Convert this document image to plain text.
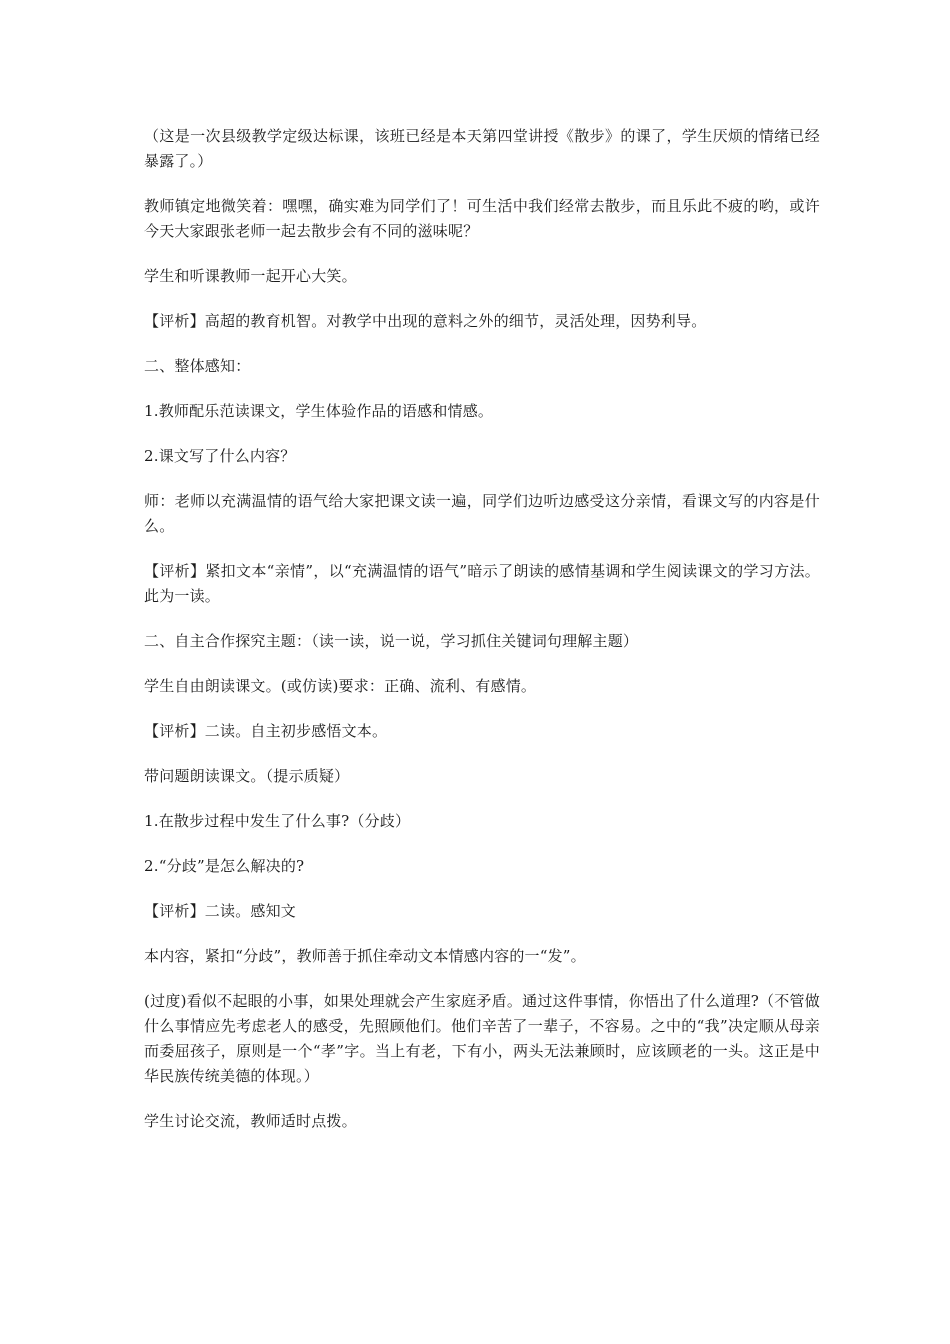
（这是一次县级教学定级达标课，该班已经是本天第四堂讲授《散步》的课了，学生厌烦的情绪已经暴露了。）

教师镇定地微笑着：嘿嘿，确实难为同学们了！可生活中我们经常去散步，而且乐此不疲的哟，或许今天大家跟张老师一起去散步会有不同的滋味呢？

学生和听课教师一起开心大笑。

【评析】高超的教育机智。对教学中出现的意料之外的细节，灵活处理，因势利导。

二、整体感知：

1.教师配乐范读课文，学生体验作品的语感和情感。

2.课文写了什么内容？

师：老师以充满温情的语气给大家把课文读一遍，同学们边听边感受这分亲情，看课文写的内容是什么。

【评析】紧扣文本“亲情”，以“充满温情的语气”暗示了朗读的感情基调和学生阅读课文的学习方法。此为一读。

二、自主合作探究主题：（读一读，说一说，学习抓住关键词句理解主题）

学生自由朗读课文。(或仿读)要求：正确、流利、有感情。

【评析】二读。自主初步感悟文本。

带问题朗读课文。（提示质疑）

1.在散步过程中发生了什么事?（分歧）

2.“分歧”是怎么解决的?

【评析】二读。感知文

本内容，紧扣“分歧”，教师善于抓住牵动文本情感内容的一“发”。

(过度)看似不起眼的小事，如果处理就会产生家庭矛盾。通过这件事情，你悟出了什么道理?（不管做什么事情应先考虑老人的感受，先照顾他们。他们辛苦了一辈子，不容易。之中的“我”决定顺从母亲而委屈孩子，原则是一个“孝”字。当上有老，下有小，两头无法兼顾时，应该顾老的一头。这正是中华民族传统美德的体现。）

学生讨论交流，教师适时点拨。
